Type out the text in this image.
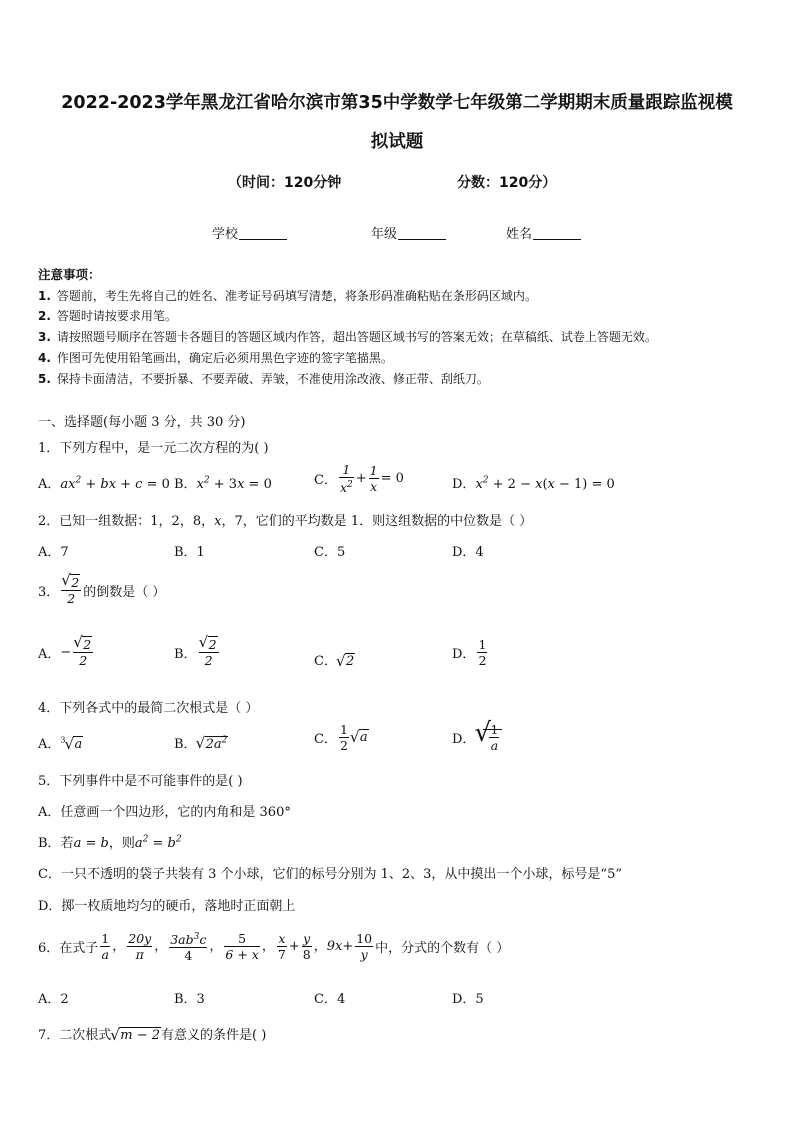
2022-2023学年黑龙江省哈尔滨市第35中学数学七年级第二学期期末质量跟踪监视模
拟试题
（时间：120分钟	分数：120分）
学校	年级	姓名
注意事项：
1. 答题前，考生先将自己的姓名、准考证号码填写清楚，将条形码准确粘贴在条形码区域内。
2. 答题时请按要求用笔。
3. 请按照题号顺序在答题卡各题目的答题区域内作答，超出答题区域书写的答案无效；在草稿纸、试卷上答题无效。
4. 作图可先使用铅笔画出，确定后必须用黑色字迹的签字笔描黑。
5. 保持卡面清洁，不要折暴、不要弄破、弄皱，不准使用涂改液、修正带、刮纸刀。
一、选择题(每小题 3 分，共 30 分)
1．下列方程中，是一元二次方程的为( )
A．$ax^2$ + bx + c = 0 B．$x^2 + 3x = 0$	C． $\frac{1}{x^2} + \frac{1}{x} = 0$	D．$x^2 + 2 - x(x - 1) = 0$
2．已知一组数据：1，2，8，x，7，它们的平均数是 1．则这组数据的中位数是（ ）
A．7	B．1	C．5	D．4
3． $\frac{√ 2}{2}$ 的倒数是（ ）
A．− $\frac{√ 2}{2}$	B． $\frac{√ 2}{2}$	C． √ 2	D． $\frac{1}{2}$
4．下列各式中的最简二次根式是（ ）
A．$^3$ √ a	B． √ $2a^2$	C． $\frac{1}{2}$ √ a	D． √
$\frac{1}{a}$
5．下列事件中是不可能事件的是( )
A．任意画一个四边形，它的内角和是 360°
B．若a = b，则$a^2 = b^2$
C．一只不透明的袋子共装有 3 个小球，它们的标号分别为 1、2、3，从中摸出一个小球，标号是“5”
D．掷一枚质地均匀的硬币，落地时正面朝上
6．在式子 $\frac{1}{a}$ ， $\frac{20y}{\pi}$ ， $\frac{3ab^3c}{4}$ ， $\frac{5}{6 + x}$ ， $\frac{x}{7} + \frac{y}{8}$ ，$9x+ \frac{10}{y}$ 中，分式的个数有（ ）
A．2	B．3	C．4	D．5
7．二次根式 √ m − 2有意义的条件是( )
